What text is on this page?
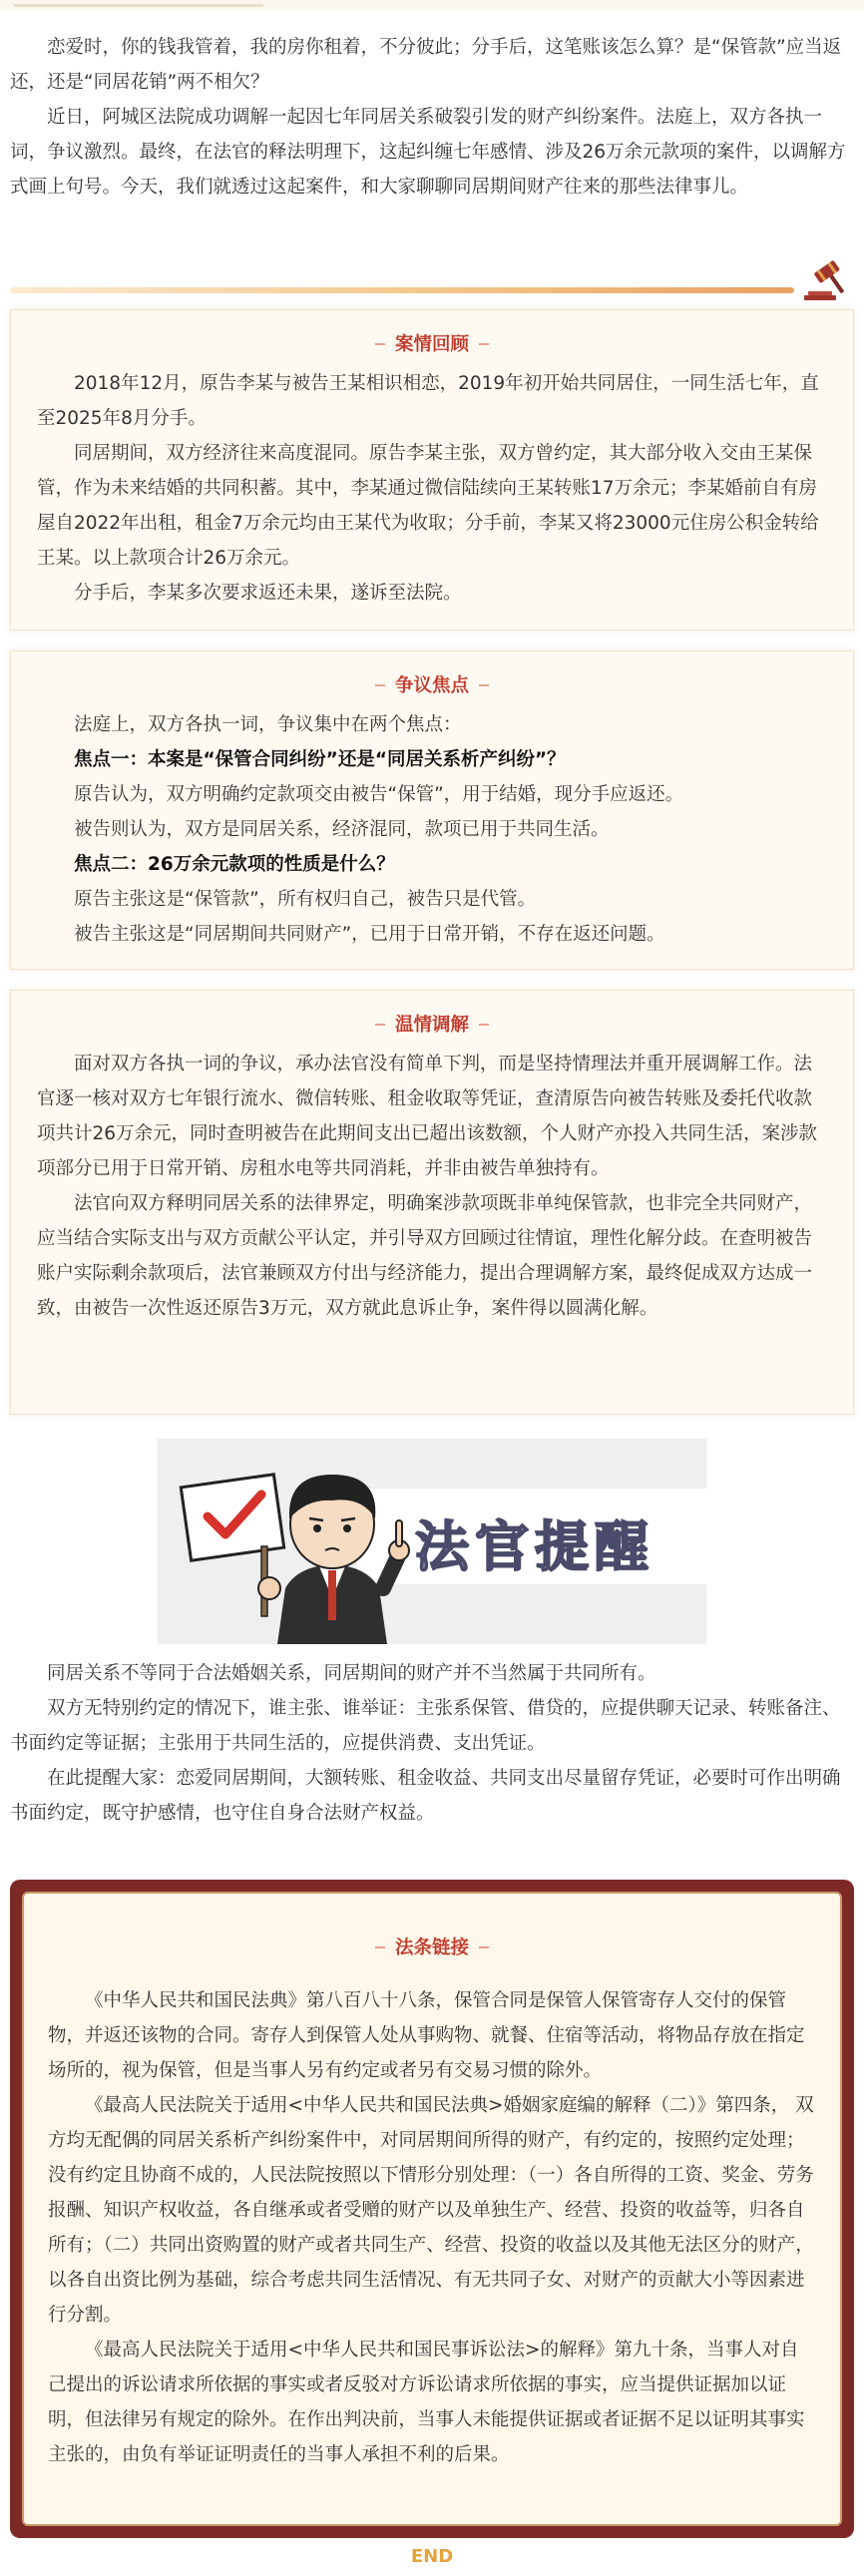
恋爱时，你的钱我管着，我的房你租着，不分彼此；分手后，这笔账该怎么算？是“保管款”应当返还，还是“同居花销”两不相欠？

近日，阿城区法院成功调解一起因七年同居关系破裂引发的财产纠纷案件。法庭上，双方各执一词，争议激烈。最终，在法官的释法明理下，这起纠缠七年感情、涉及26万余元款项的案件，以调解方式画上句号。今天，我们就透过这起案件，和大家聊聊同居期间财产往来的那些法律事儿。

案情回顾

2018年12月，原告李某与被告王某相识相恋，2019年初开始共同居住，一同生活七年，直至2025年8月分手。

同居期间，双方经济往来高度混同。原告李某主张，双方曾约定，其大部分收入交由王某保管，作为未来结婚的共同积蓄。其中，李某通过微信陆续向王某转账17万余元；李某婚前自有房屋自2022年出租，租金7万余元均由王某代为收取；分手前，李某又将23000元住房公积金转给王某。以上款项合计26万余元。

分手后，李某多次要求返还未果，遂诉至法院。

争议焦点

法庭上，双方各执一词，争议集中在两个焦点：

焦点一：本案是“保管合同纠纷”还是“同居关系析产纠纷”？

原告认为，双方明确约定款项交由被告“保管”，用于结婚，现分手应返还。

被告则认为，双方是同居关系，经济混同，款项已用于共同生活。

焦点二：26万余元款项的性质是什么？

原告主张这是“保管款”，所有权归自己，被告只是代管。

被告主张这是“同居期间共同财产”，已用于日常开销，不存在返还问题。

温情调解

面对双方各执一词的争议，承办法官没有简单下判，而是坚持情理法并重开展调解工作。法官逐一核对双方七年银行流水、微信转账、租金收取等凭证，查清原告向被告转账及委托代收款项共计26万余元，同时查明被告在此期间支出已超出该数额，个人财产亦投入共同生活，案涉款项部分已用于日常开销、房租水电等共同消耗，并非由被告单独持有。

法官向双方释明同居关系的法律界定，明确案涉款项既非单纯保管款，也非完全共同财产，应当结合实际支出与双方贡献公平认定，并引导双方回顾过往情谊，理性化解分歧。在查明被告账户实际剩余款项后，法官兼顾双方付出与经济能力，提出合理调解方案，最终促成双方达成一致，由被告一次性返还原告3万元，双方就此息诉止争，案件得以圆满化解。

法官提醒

同居关系不等同于合法婚姻关系，同居期间的财产并不当然属于共同所有。

双方无特别约定的情况下，谁主张、谁举证：主张系保管、借贷的，应提供聊天记录、转账备注、书面约定等证据；主张用于共同生活的，应提供消费、支出凭证。

在此提醒大家：恋爱同居期间，大额转账、租金收益、共同支出尽量留存凭证，必要时可作出明确书面约定，既守护感情，也守住自身合法财产权益。

法条链接

《中华人民共和国民法典》第八百八十八条，保管合同是保管人保管寄存人交付的保管物，并返还该物的合同。寄存人到保管人处从事购物、就餐、住宿等活动，将物品存放在指定场所的，视为保管，但是当事人另有约定或者另有交易习惯的除外。

《最高人民法院关于适用<中华人民共和国民法典>婚姻家庭编的解释（二）》第四条， 双方均无配偶的同居关系析产纠纷案件中，对同居期间所得的财产，有约定的，按照约定处理；没有约定且协商不成的，人民法院按照以下情形分别处理：（一）各自所得的工资、奖金、劳务报酬、知识产权收益，各自继承或者受赠的财产以及单独生产、经营、投资的收益等，归各自所有；（二）共同出资购置的财产或者共同生产、经营、投资的收益以及其他无法区分的财产，以各自出资比例为基础，综合考虑共同生活情况、有无共同子女、对财产的贡献大小等因素进行分割。

《最高人民法院关于适用<中华人民共和国民事诉讼法>的解释》第九十条，当事人对自己提出的诉讼请求所依据的事实或者反驳对方诉讼请求所依据的事实，应当提供证据加以证明，但法律另有规定的除外。在作出判决前，当事人未能提供证据或者证据不足以证明其事实主张的，由负有举证证明责任的当事人承担不利的后果。

END
